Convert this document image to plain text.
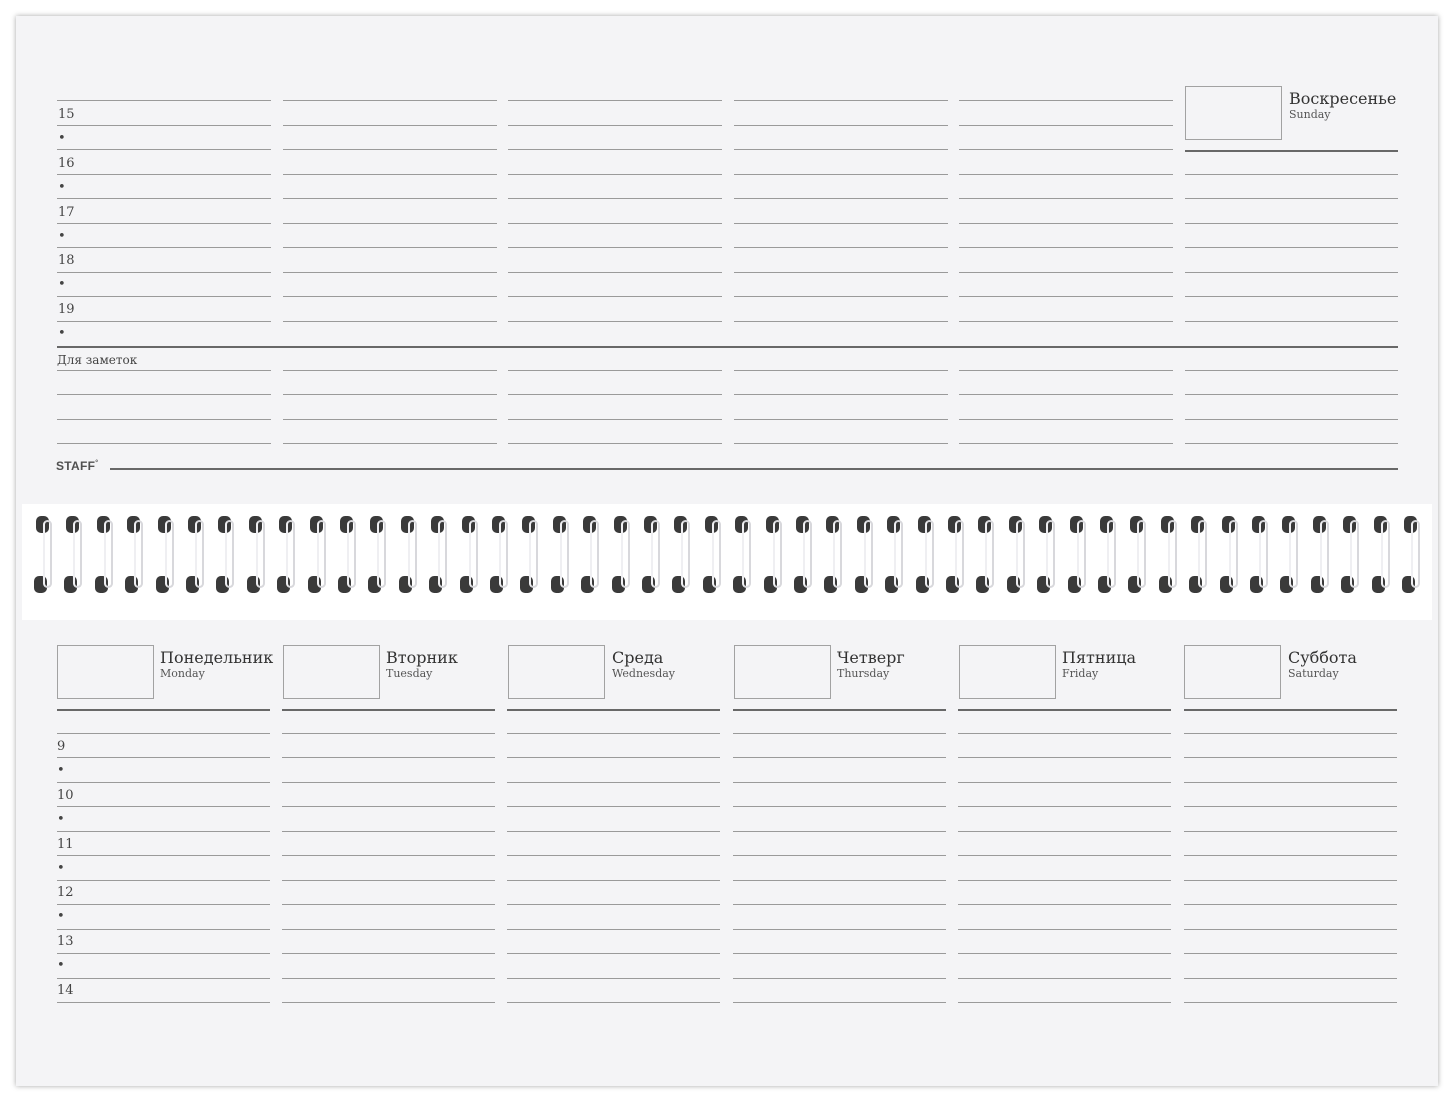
15
•
16
•
17
•
18
•
19
•
Для заметок
Воскресенье
Sunday
STAFF°
Понедельник
Monday
Вторник
Tuesday
Среда
Wednesday
Четверг
Thursday
Пятница
Friday
Суббота
Saturday
9
•
10
•
11
•
12
•
13
•
14
